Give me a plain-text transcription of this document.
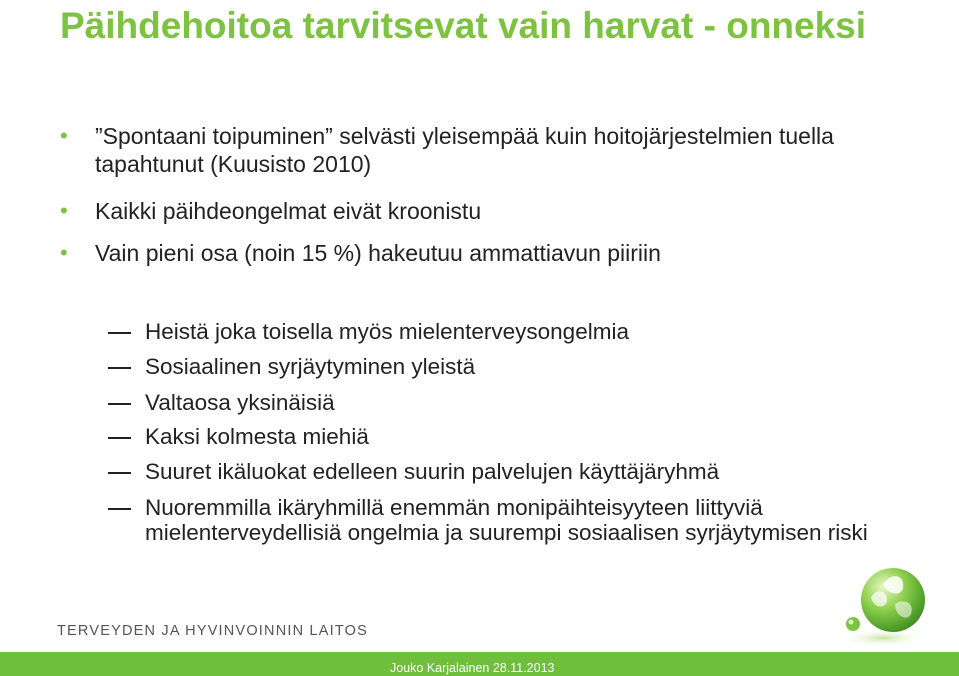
Päihdehoitoa tarvitsevat vain harvat - onneksi
• ”Spontaani toipuminen” selvästi yleisempää kuin hoitojärjestelmien tuella tapahtunut (Kuusisto 2010)
• Kaikki päihdeongelmat eivät kroonistu
• Vain pieni osa (noin 15 %) hakeutuu ammattiavun piiriin
Heistä joka toisella myös mielenterveysongelmia
Sosiaalinen syrjäytyminen yleistä
Valtaosa yksinäisiä
Kaksi kolmesta miehiä
Suuret ikäluokat edelleen suurin palvelujen käyttäjäryhmä
Nuoremmilla ikäryhmillä enemmän monipäihteisyyteen liittyviä mielenterveydellisiä ongelmia ja suurempi sosiaalisen syrjäytymisen riski
TERVEYDEN JA HYVINVOINNIN LAITOS
Jouko Karjalainen 28.11.2013
